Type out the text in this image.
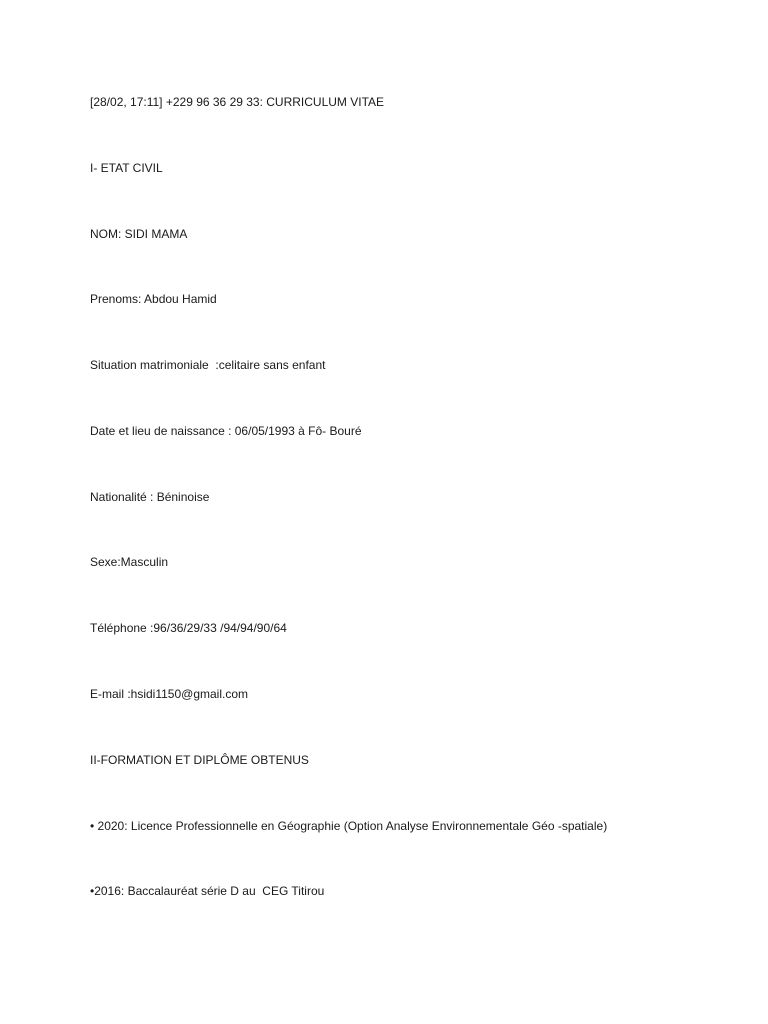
[28/02, 17:11] +229 96 36 29 33: CURRICULUM VITAE

I- ETAT CIVIL

NOM: SIDI MAMA

Prenoms: Abdou Hamid

Situation matrimoniale  :celitaire sans enfant

Date et lieu de naissance : 06/05/1993 à Fô- Bouré

Nationalité : Béninoise

Sexe:Masculin

Téléphone :96/36/29/33 /94/94/90/64

E-mail :hsidi1150@gmail.com

II-FORMATION ET DIPLÔME OBTENUS

• 2020: Licence Professionnelle en Géographie (Option Analyse Environnementale Géo -spatiale)

•2016: Baccalauréat série D au  CEG Titirou
